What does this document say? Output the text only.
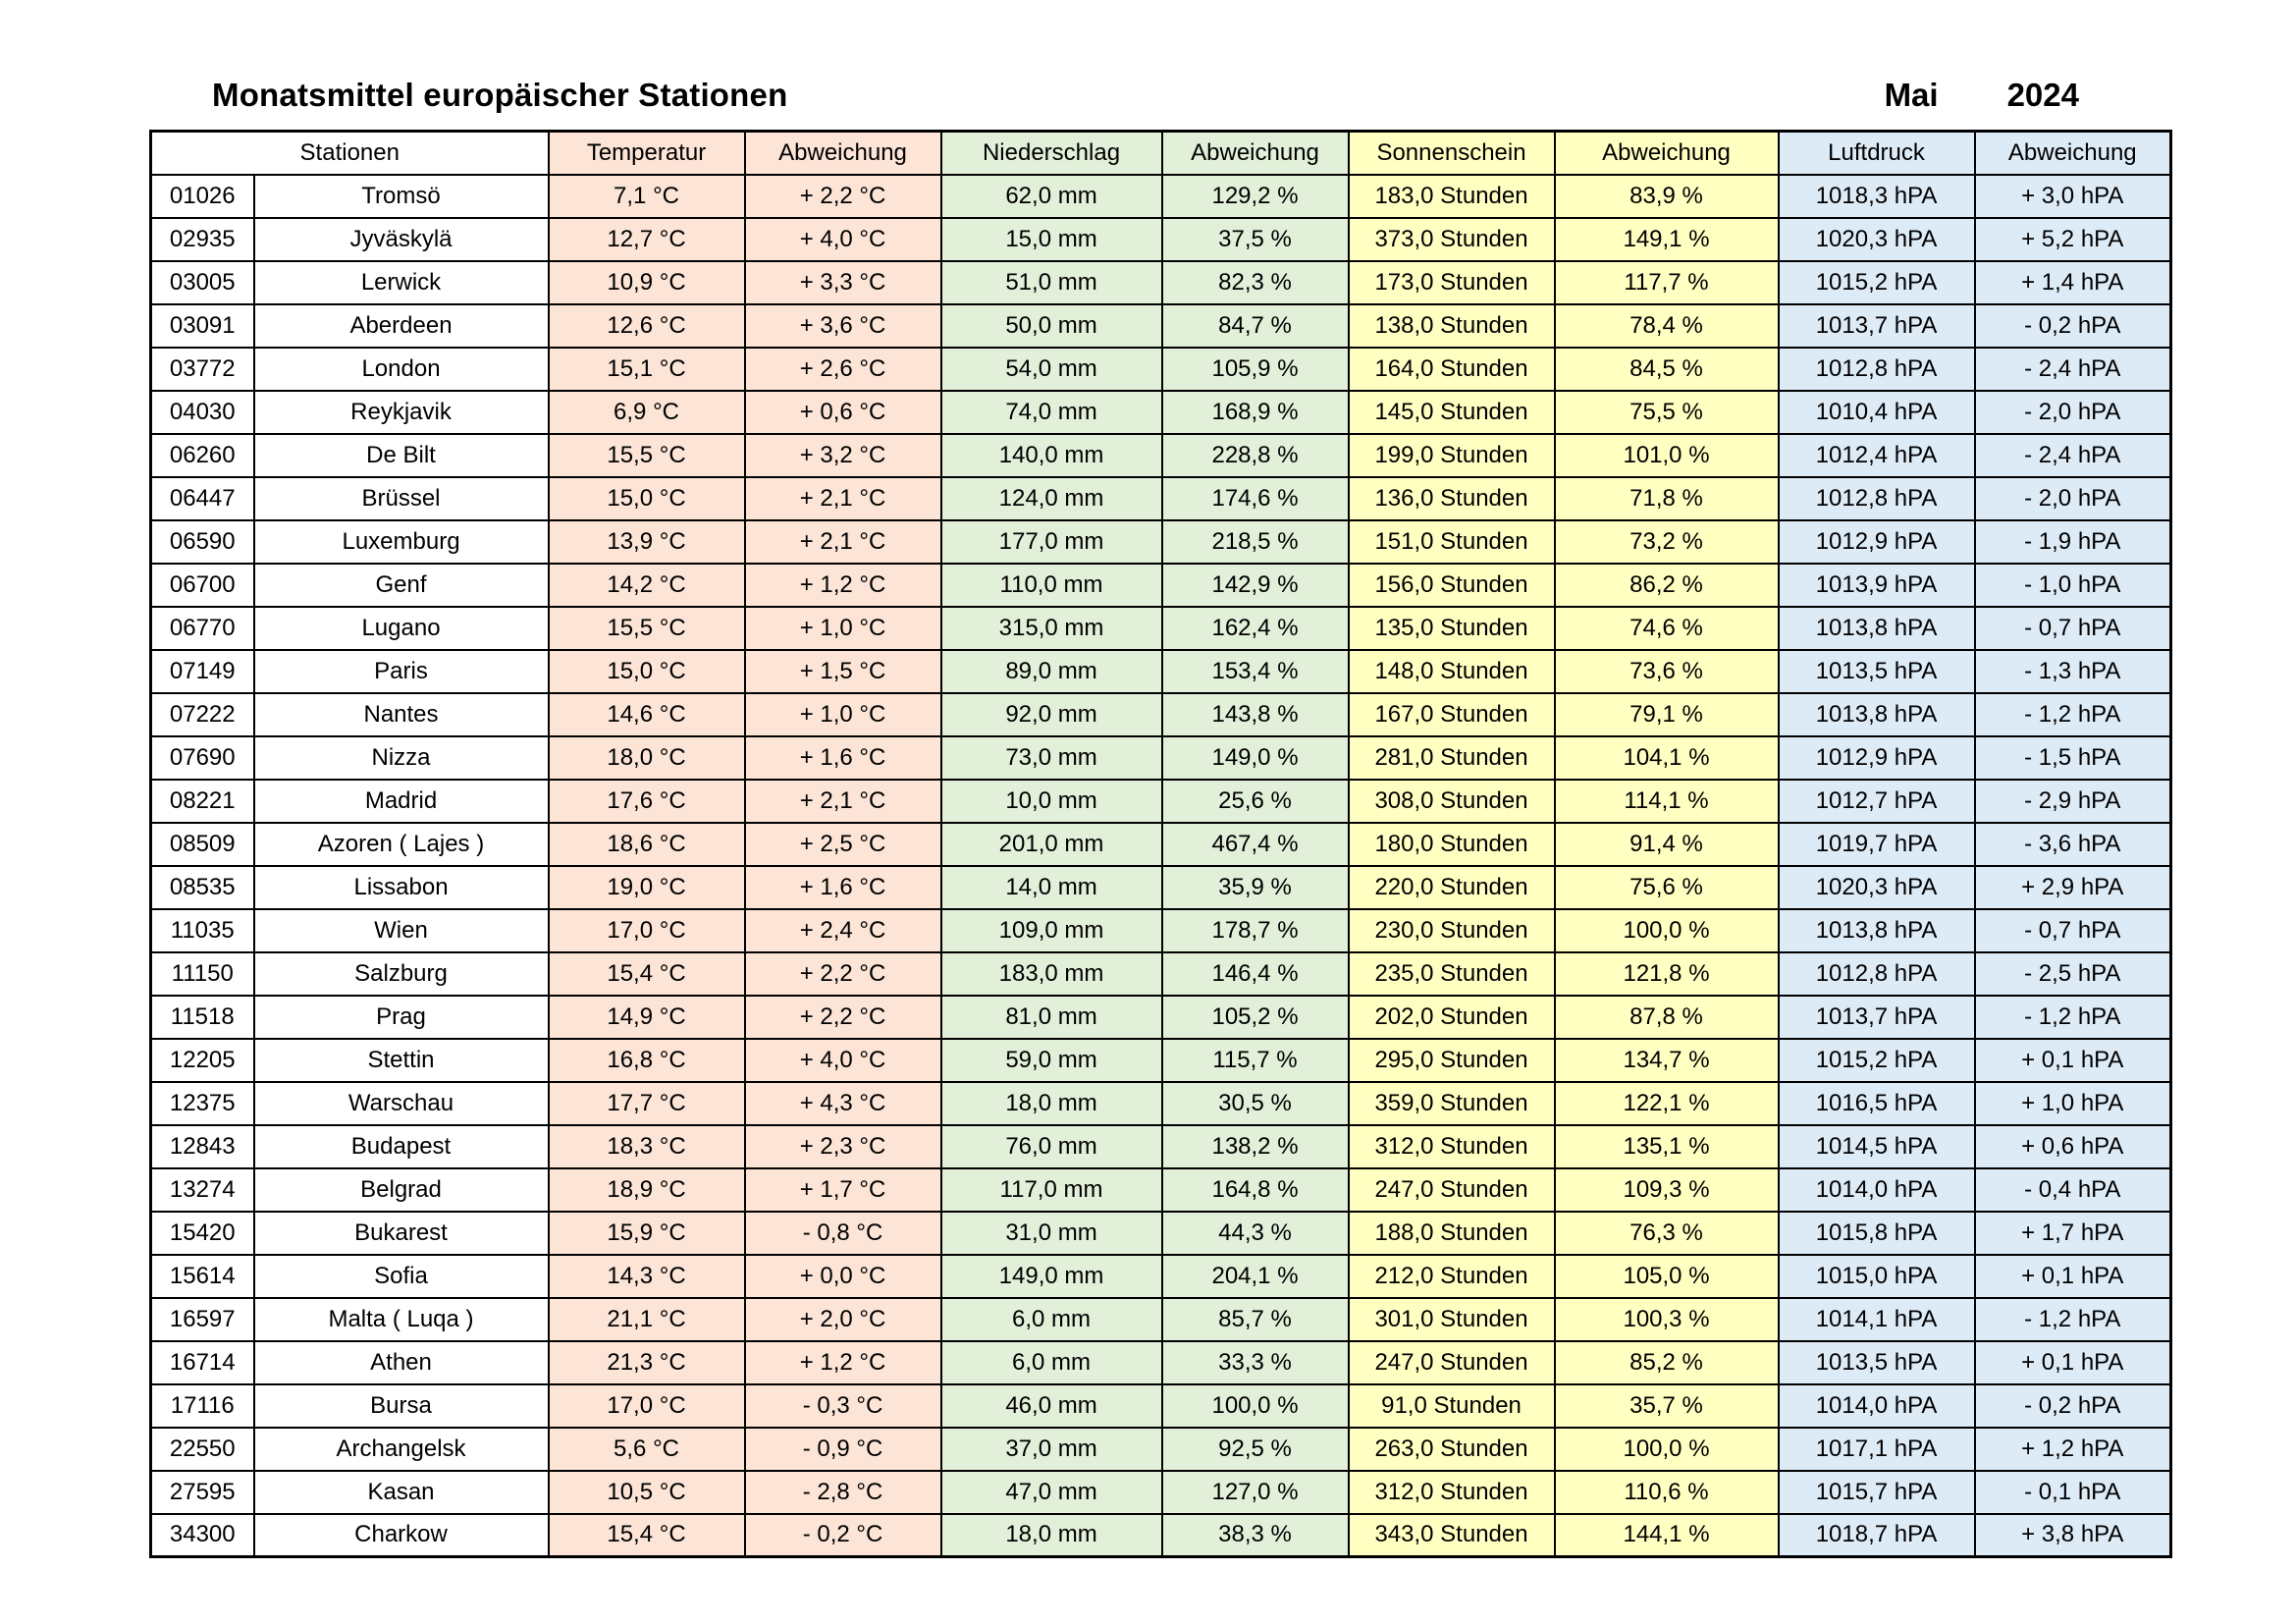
Monatsmittel europäischer Stationen	Mai 2024
Stationen		Temperatur	Abweichung	Niederschlag	Abweichung	Sonnenschein	Abweichung	Luftdruck	Abweichung
01026	Tromsö	7,1 °C	+ 2,2 °C	62,0 mm	129,2 %	183,0 Stunden	83,9 %	1018,3 hPA	+ 3,0 hPA
02935	Jyväskylä	12,7 °C	+ 4,0 °C	15,0 mm	37,5 %	373,0 Stunden	149,1 %	1020,3 hPA	+ 5,2 hPA
03005	Lerwick	10,9 °C	+ 3,3 °C	51,0 mm	82,3 %	173,0 Stunden	117,7 %	1015,2 hPA	+ 1,4 hPA
03091	Aberdeen	12,6 °C	+ 3,6 °C	50,0 mm	84,7 %	138,0 Stunden	78,4 %	1013,7 hPA	- 0,2 hPA
03772	London	15,1 °C	+ 2,6 °C	54,0 mm	105,9 %	164,0 Stunden	84,5 %	1012,8 hPA	- 2,4 hPA
04030	Reykjavik	6,9 °C	+ 0,6 °C	74,0 mm	168,9 %	145,0 Stunden	75,5 %	1010,4 hPA	- 2,0 hPA
06260	De Bilt	15,5 °C	+ 3,2 °C	140,0 mm	228,8 %	199,0 Stunden	101,0 %	1012,4 hPA	- 2,4 hPA
06447	Brüssel	15,0 °C	+ 2,1 °C	124,0 mm	174,6 %	136,0 Stunden	71,8 %	1012,8 hPA	- 2,0 hPA
06590	Luxemburg	13,9 °C	+ 2,1 °C	177,0 mm	218,5 %	151,0 Stunden	73,2 %	1012,9 hPA	- 1,9 hPA
06700	Genf	14,2 °C	+ 1,2 °C	110,0 mm	142,9 %	156,0 Stunden	86,2 %	1013,9 hPA	- 1,0 hPA
06770	Lugano	15,5 °C	+ 1,0 °C	315,0 mm	162,4 %	135,0 Stunden	74,6 %	1013,8 hPA	- 0,7 hPA
07149	Paris	15,0 °C	+ 1,5 °C	89,0 mm	153,4 %	148,0 Stunden	73,6 %	1013,5 hPA	- 1,3 hPA
07222	Nantes	14,6 °C	+ 1,0 °C	92,0 mm	143,8 %	167,0 Stunden	79,1 %	1013,8 hPA	- 1,2 hPA
07690	Nizza	18,0 °C	+ 1,6 °C	73,0 mm	149,0 %	281,0 Stunden	104,1 %	1012,9 hPA	- 1,5 hPA
08221	Madrid	17,6 °C	+ 2,1 °C	10,0 mm	25,6 %	308,0 Stunden	114,1 %	1012,7 hPA	- 2,9 hPA
08509	Azoren ( Lajes )	18,6 °C	+ 2,5 °C	201,0 mm	467,4 %	180,0 Stunden	91,4 %	1019,7 hPA	- 3,6 hPA
08535	Lissabon	19,0 °C	+ 1,6 °C	14,0 mm	35,9 %	220,0 Stunden	75,6 %	1020,3 hPA	+ 2,9 hPA
11035	Wien	17,0 °C	+ 2,4 °C	109,0 mm	178,7 %	230,0 Stunden	100,0 %	1013,8 hPA	- 0,7 hPA
11150	Salzburg	15,4 °C	+ 2,2 °C	183,0 mm	146,4 %	235,0 Stunden	121,8 %	1012,8 hPA	- 2,5 hPA
11518	Prag	14,9 °C	+ 2,2 °C	81,0 mm	105,2 %	202,0 Stunden	87,8 %	1013,7 hPA	- 1,2 hPA
12205	Stettin	16,8 °C	+ 4,0 °C	59,0 mm	115,7 %	295,0 Stunden	134,7 %	1015,2 hPA	+ 0,1 hPA
12375	Warschau	17,7 °C	+ 4,3 °C	18,0 mm	30,5 %	359,0 Stunden	122,1 %	1016,5 hPA	+ 1,0 hPA
12843	Budapest	18,3 °C	+ 2,3 °C	76,0 mm	138,2 %	312,0 Stunden	135,1 %	1014,5 hPA	+ 0,6 hPA
13274	Belgrad	18,9 °C	+ 1,7 °C	117,0 mm	164,8 %	247,0 Stunden	109,3 %	1014,0 hPA	- 0,4 hPA
15420	Bukarest	15,9 °C	- 0,8 °C	31,0 mm	44,3 %	188,0 Stunden	76,3 %	1015,8 hPA	+ 1,7 hPA
15614	Sofia	14,3 °C	+ 0,0 °C	149,0 mm	204,1 %	212,0 Stunden	105,0 %	1015,0 hPA	+ 0,1 hPA
16597	Malta ( Luqa )	21,1 °C	+ 2,0 °C	6,0 mm	85,7 %	301,0 Stunden	100,3 %	1014,1 hPA	- 1,2 hPA
16714	Athen	21,3 °C	+ 1,2 °C	6,0 mm	33,3 %	247,0 Stunden	85,2 %	1013,5 hPA	+ 0,1 hPA
17116	Bursa	17,0 °C	- 0,3 °C	46,0 mm	100,0 %	91,0 Stunden	35,7 %	1014,0 hPA	- 0,2 hPA
22550	Archangelsk	5,6 °C	- 0,9 °C	37,0 mm	92,5 %	263,0 Stunden	100,0 %	1017,1 hPA	+ 1,2 hPA
27595	Kasan	10,5 °C	- 2,8 °C	47,0 mm	127,0 %	312,0 Stunden	110,6 %	1015,7 hPA	- 0,1 hPA
34300	Charkow	15,4 °C	- 0,2 °C	18,0 mm	38,3 %	343,0 Stunden	144,1 %	1018,7 hPA	+ 3,8 hPA
